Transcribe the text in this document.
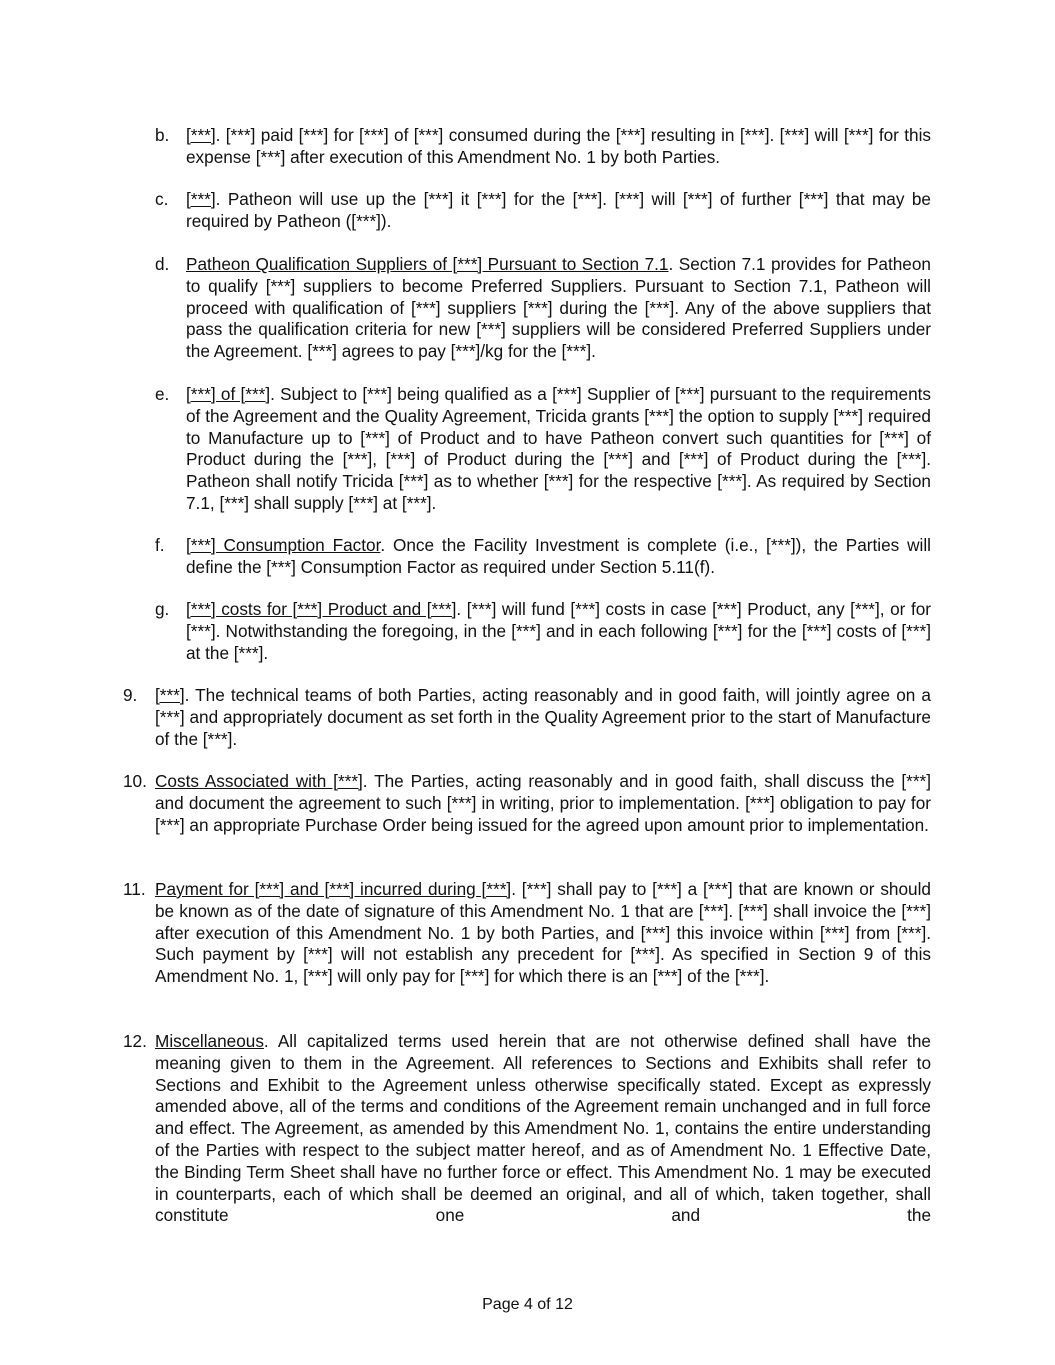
b. [***]. [***] paid [***] for [***] of [***] consumed during the [***] resulting in [***]. [***] will [***] for this expense [***] after execution of this Amendment No. 1 by both Parties.
c. [***]. Patheon will use up the [***] it [***] for the [***]. [***] will [***] of further [***] that may be required by Patheon ([***]).
d. Patheon Qualification Suppliers of [***] Pursuant to Section 7.1. Section 7.1 provides for Patheon to qualify [***] suppliers to become Preferred Suppliers. Pursuant to Section 7.1, Patheon will proceed with qualification of [***] suppliers [***] during the [***]. Any of the above suppliers that pass the qualification criteria for new [***] suppliers will be considered Preferred Suppliers under the Agreement. [***] agrees to pay [***]/kg for the [***].
e. [***] of [***]. Subject to [***] being qualified as a [***] Supplier of [***] pursuant to the requirements of the Agreement and the Quality Agreement, Tricida grants [***] the option to supply [***] required to Manufacture up to [***] of Product and to have Patheon convert such quantities for [***] of Product during the [***], [***] of Product during the [***] and [***] of Product during the [***]. Patheon shall notify Tricida [***] as to whether [***] for the respective [***]. As required by Section 7.1, [***] shall supply [***] at [***].
f. [***] Consumption Factor. Once the Facility Investment is complete (i.e., [***]), the Parties will define the [***] Consumption Factor as required under Section 5.11(f).
g. [***] costs for [***] Product and [***]. [***] will fund [***] costs in case [***] Product, any [***], or for [***]. Notwithstanding the foregoing, in the [***] and in each following [***] for the [***] costs of [***] at the [***].
9. [***]. The technical teams of both Parties, acting reasonably and in good faith, will jointly agree on a [***] and appropriately document as set forth in the Quality Agreement prior to the start of Manufacture of the [***].
10. Costs Associated with [***]. The Parties, acting reasonably and in good faith, shall discuss the [***] and document the agreement to such [***] in writing, prior to implementation. [***] obligation to pay for [***] an appropriate Purchase Order being issued for the agreed upon amount prior to implementation.
11. Payment for [***] and [***] incurred during [***]. [***] shall pay to [***] a [***] that are known or should be known as of the date of signature of this Amendment No. 1 that are [***]. [***] shall invoice the [***] after execution of this Amendment No. 1 by both Parties, and [***] this invoice within [***] from [***]. Such payment by [***] will not establish any precedent for [***]. As specified in Section 9 of this Amendment No. 1, [***] will only pay for [***] for which there is an [***] of the [***].
12. Miscellaneous. All capitalized terms used herein that are not otherwise defined shall have the meaning given to them in the Agreement. All references to Sections and Exhibits shall refer to Sections and Exhibit to the Agreement unless otherwise specifically stated. Except as expressly amended above, all of the terms and conditions of the Agreement remain unchanged and in full force and effect. The Agreement, as amended by this Amendment No. 1, contains the entire understanding of the Parties with respect to the subject matter hereof, and as of Amendment No. 1 Effective Date, the Binding Term Sheet shall have no further force or effect. This Amendment No. 1 may be executed in counterparts, each of which shall be deemed an original, and all of which, taken together, shall constitute one and the
Page 4 of 12
